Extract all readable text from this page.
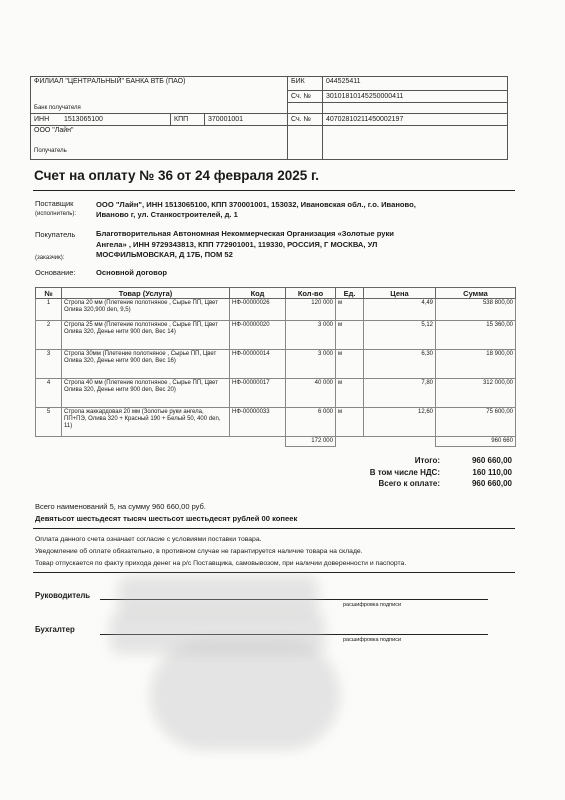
ФИЛИАЛ "ЦЕНТРАЛЬНЫЙ" БАНКА ВТБ (ПАО)	БИК	044525411
	Сч. №	30101810145250000411
Банк получателя		

ИНН 1513065100 КПП 370001001	Сч. №	40702810211450002197

ООО "Лайн"
Получатель		

Счет на оплату № 36 от 24 февраля 2025 г.
Поставщик
(исполнитель):
ООО "Лайн", ИНН 1513065100, КПП 370001001, 153032, Ивановская обл., г.о. Иваново,
Иваново г, ул. Станкостроителей, д. 1
Покупатель
(заказчик):
Благотворительная Автономная Некоммерческая Организация «Золотые руки
Ангела» , ИНН 9729343813, КПП 772901001, 119330, РОССИЯ, Г МОСКВА, УЛ
МОСФИЛЬМОВСКАЯ, Д 17Б, ПОМ 52
Основание:	Основной договор
№	Товар (Услуга)	Код	Кол-во	Ед.	Цена	Сумма
1	Стропа 20 мм (Плетение полотняное , Сырье ПП, Цвет Олива 320,900 den, 9,5)	НФ-00000026	120 000	м	4,49	538 800,00
2	Стропа 25 мм (Плетение полотняное , Сырье ПП, Цвет Олива 320, Денье нити 900 den, Вес 14)	НФ-00000020	3 000	м	5,12	15 360,00
3	Стропа 30мм (Плетение полотняное , Сырье ПП, Цвет Олива 320, Денье нити 900 den, Вес 16)	НФ-00000014	3 000	м	6,30	18 900,00
4	Стропа 40 мм (Плетение полотняное , Сырье ПП, Цвет Олива 320, Денье нити 900 den, Вес 20)	НФ-00000017	40 000	м	7,80	312 000,00
5	Стропа жаккардовая 20 мм (Золотые руки ангела, ПП+ПЭ, Олива 320 + Красный 190 + Белый 50, 400 den, 11)	НФ-00000033	6 000	м	12,60	75 600,00
			172 000			960 660
Итого:	960 660,00
В том числе НДС:	160 110,00
Всего к оплате:	960 660,00
Всего наименований 5, на сумму 960 660,00 руб.
Девятьсот шестьдесят тысяч шестьсот шестьдесят рублей 00 копеек
Оплата данного счета означает согласие с условиями поставки товара.
Уведомление об оплате обязательно, в противном случае не гарантируется наличие товара на складе.
Товар отпускается по факту прихода денег на р/с Поставщика, самовывозом, при наличии доверенности и паспорта.
Руководитель
расшифровка подписи
Бухгалтер
расшифровка подписи
